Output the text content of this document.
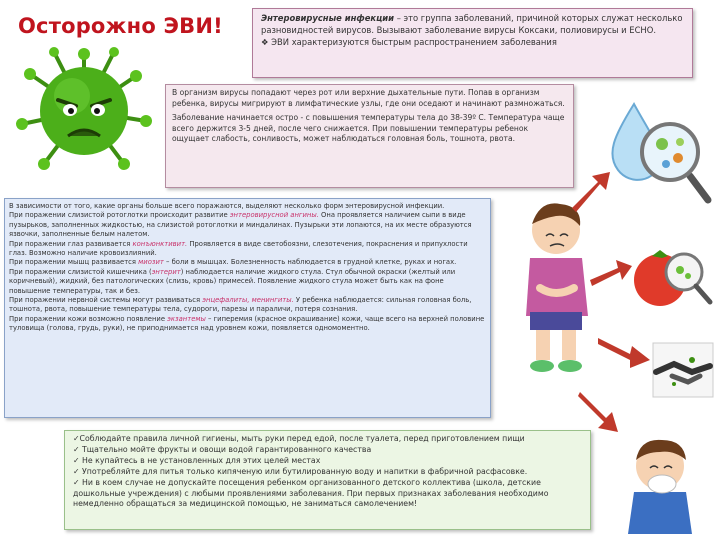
Осторожно ЭВИ!	Энтеровирусные инфекции – это группа заболеваний, причиной которых служат несколько разновидностей вирусов. Вызывают заболевание вирусы Коксаки, полиовирусы и ЕСНО.

❖ ЭВИ характеризуются быстрым распространением заболевания

В организм вирусы попадают через рот или верхние дыхательные пути. Попав в организм ребенка, вирусы мигрируют в лимфатические узлы, где они оседают и начинают размножаться.

Заболевание начинается остро - с повышения температуры тела до 38-39º С. Температура чаще всего держится 3-5 дней, после чего снижается. При повышении температуры ребенок ощущает слабость, сонливость, может наблюдаться головная боль, тошнота, рвота.

В зависимости от того, какие органы больше всего поражаются, выделяют несколько форм энтеровирусной инфекции.

При поражении слизистой ротоглотки происходит развитие энтеровирусной ангины. Она проявляется наличием сыпи в виде пузырьков, заполненных жидкостью, на слизистой ротоглотки и миндалинах. Пузырьки эти лопаются, на их месте образуются язвочки, заполненные белым налетом.

При поражении глаз развивается конъюнктивит. Проявляется в виде светобоязни, слезотечения, покраснения и припухлости глаз. Возможно наличие кровоизлияний.

При поражении мышц развивается миозит – боли в мышцах. Болезненность наблюдается в грудной клетке, руках и ногах.

При поражении слизистой кишечника (энтерит) наблюдается наличие жидкого стула. Стул обычной окраски (желтый или коричневый), жидкий, без патологических (слизь, кровь) примесей. Появление жидкого стула может быть как на фоне повышение температуры, так и без.

При поражении нервной системы могут развиваться энцефалиты, менингиты. У ребенка наблюдается: сильная головная боль, тошнота, рвота, повышение температуры тела, судороги, парезы и параличи, потеря сознания.

При поражении кожи возможно появление экзантемы – гиперемия (красное окрашивание) кожи, чаще всего на верхней половине туловища (голова, грудь, руки), не приподнимается над уровнем кожи, появляется одномоментно.

✓Соблюдайте правила личной гигиены, мыть руки перед едой, после туалета, перед приготовлением пищи

✓ Тщательно мойте фрукты и овощи водой гарантированного качества

✓ Не купайтесь в не установленных для этих целей местах

✓ Употребляйте для питья только кипяченую или бутилированную воду и напитки в фабричной расфасовке.

✓ Ни в коем случае не допускайте посещения ребенком организованного детского коллектива (школа, детские дошкольные учреждения) с любыми проявлениями заболевания. При первых признаках заболевания необходимо немедленно обращаться за медицинской помощью, не заниматься самолечением!
